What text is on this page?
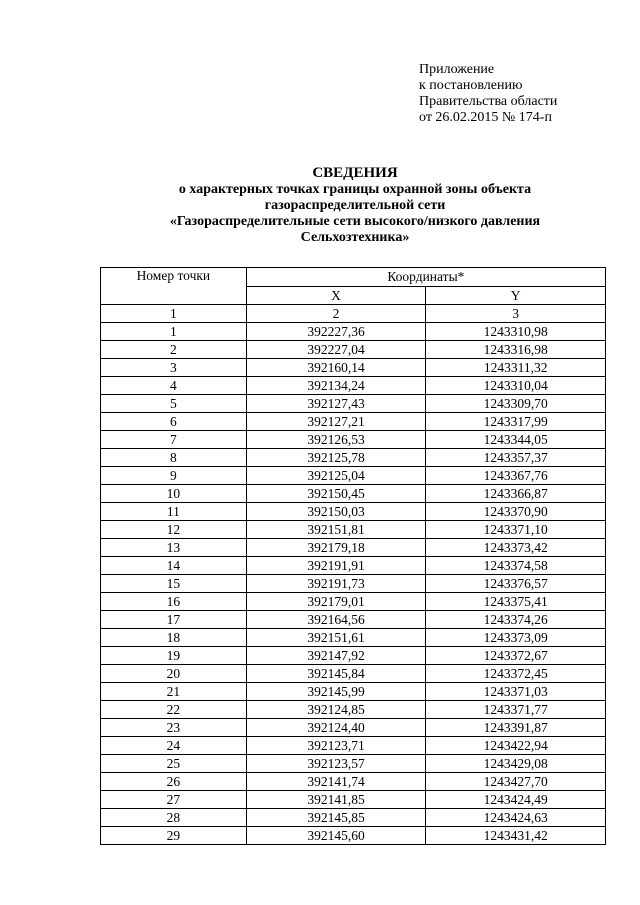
Приложение
к постановлению
Правительства области
от 26.02.2015 № 174-п
СВЕДЕНИЯ
о характерных точках границы охранной зоны объекта
газораспределительной сети
«Газораспределительные сети высокого/низкого давления
Сельхозтехника»
Номер точки	Координаты*	
	X	Y
1	2	3
1	392227,36	1243310,98
2	392227,04	1243316,98
3	392160,14	1243311,32
4	392134,24	1243310,04
5	392127,43	1243309,70
6	392127,21	1243317,99
7	392126,53	1243344,05
8	392125,78	1243357,37
9	392125,04	1243367,76
10	392150,45	1243366,87
11	392150,03	1243370,90
12	392151,81	1243371,10
13	392179,18	1243373,42
14	392191,91	1243374,58
15	392191,73	1243376,57
16	392179,01	1243375,41
17	392164,56	1243374,26
18	392151,61	1243373,09
19	392147,92	1243372,67
20	392145,84	1243372,45
21	392145,99	1243371,03
22	392124,85	1243371,77
23	392124,40	1243391,87
24	392123,71	1243422,94
25	392123,57	1243429,08
26	392141,74	1243427,70
27	392141,85	1243424,49
28	392145,85	1243424,63
29	392145,60	1243431,42
